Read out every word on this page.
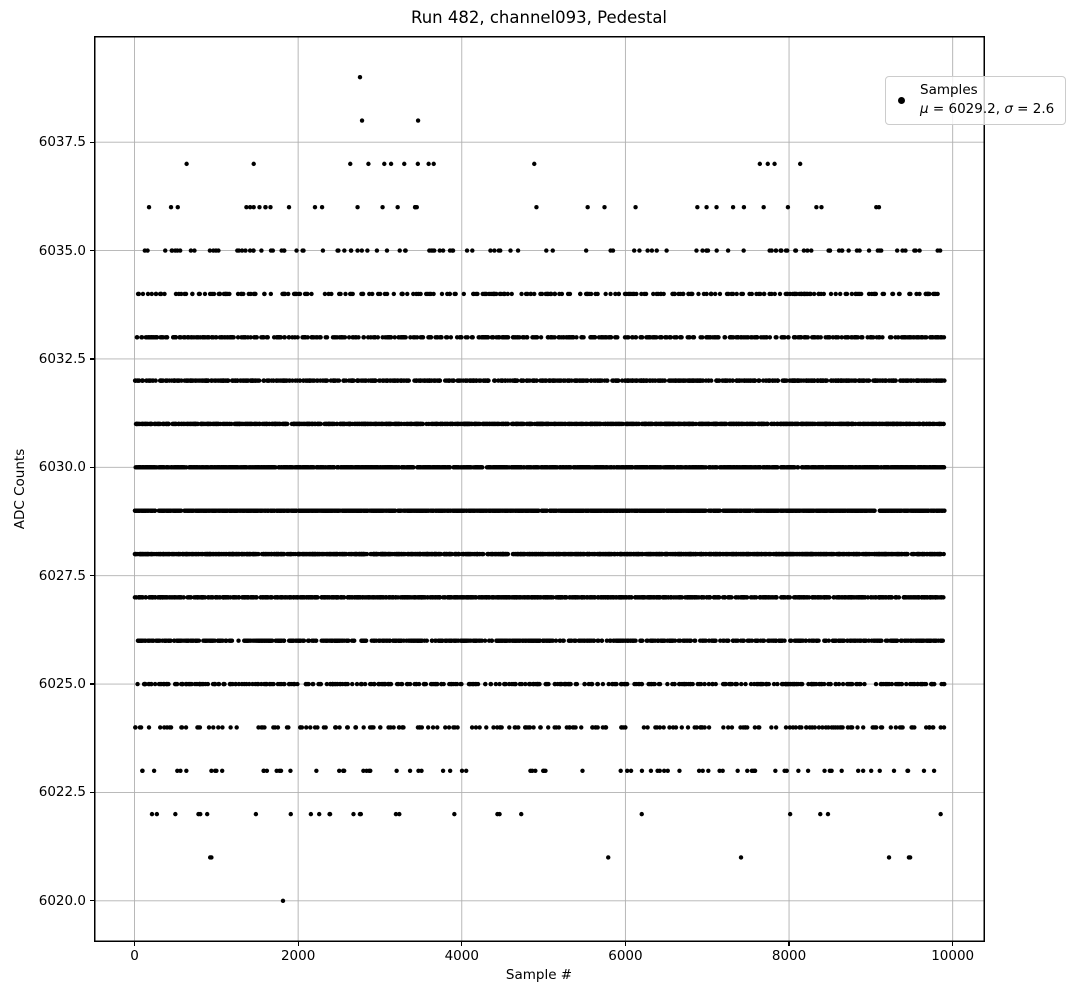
Run 482, channel093, Pedestal
ADC Counts
Samples
μ = 6029.2, σ = 2.6
Sample #
0	2000	4000	6000	8000	10000
6020.0
6022.5
6025.0
6027.5
6030.0
6032.5
6035.0
6037.5
